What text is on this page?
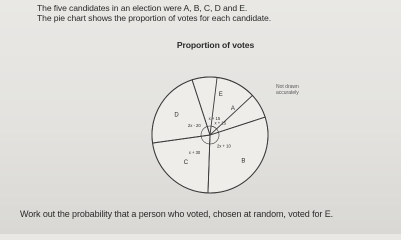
The five candidates in an election were A, B, C, D and E.
The pie chart shows the proportion of votes for each candidate.

Proportion of votes

Not drawn
accurately
A
x + 15
B
2x + 10
C
x + 30
D
2x - 20
E
x + 15

Work out the probability that a person who voted, chosen at random, voted for E.
